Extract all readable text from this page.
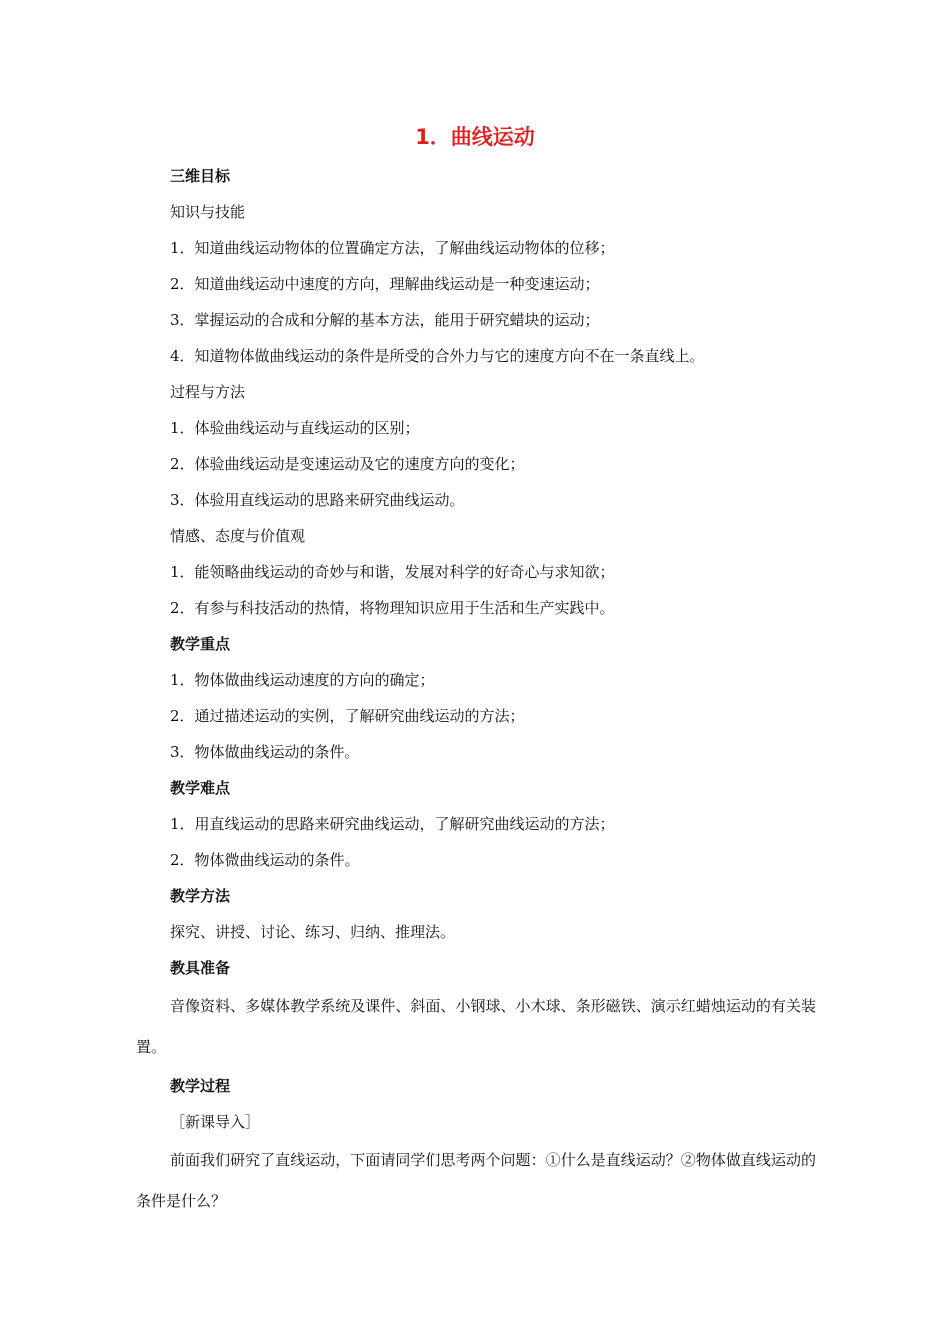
1．曲线运动
三维目标
知识与技能
1．知道曲线运动物体的位置确定方法，了解曲线运动物体的位移；
2．知道曲线运动中速度的方向，理解曲线运动是一种变速运动；
3．掌握运动的合成和分解的基本方法，能用于研究蜡块的运动；
4．知道物体做曲线运动的条件是所受的合外力与它的速度方向不在一条直线上。
过程与方法
1．体验曲线运动与直线运动的区别；
2．体验曲线运动是变速运动及它的速度方向的变化；
3．体验用直线运动的思路来研究曲线运动。
情感、态度与价值观
1．能领略曲线运动的奇妙与和谐，发展对科学的好奇心与求知欲；
2．有参与科技活动的热情，将物理知识应用于生活和生产实践中。
教学重点
1．物体做曲线运动速度的方向的确定；
2．通过描述运动的实例，了解研究曲线运动的方法；
3．物体做曲线运动的条件。
教学难点
1．用直线运动的思路来研究曲线运动，了解研究曲线运动的方法；
2．物体微曲线运动的条件。
教学方法
探究、讲授、讨论、练习、归纳、推理法。
教具准备

音像资料、多媒体教学系统及课件、斜面、小钢球、小木球、条形磁铁、演示红蜡烛运动的有关装置。

教学过程
［新课导入］

前面我们研究了直线运动，下面请同学们思考两个问题：①什么是直线运动？②物体做直线运动的条件是什么？
